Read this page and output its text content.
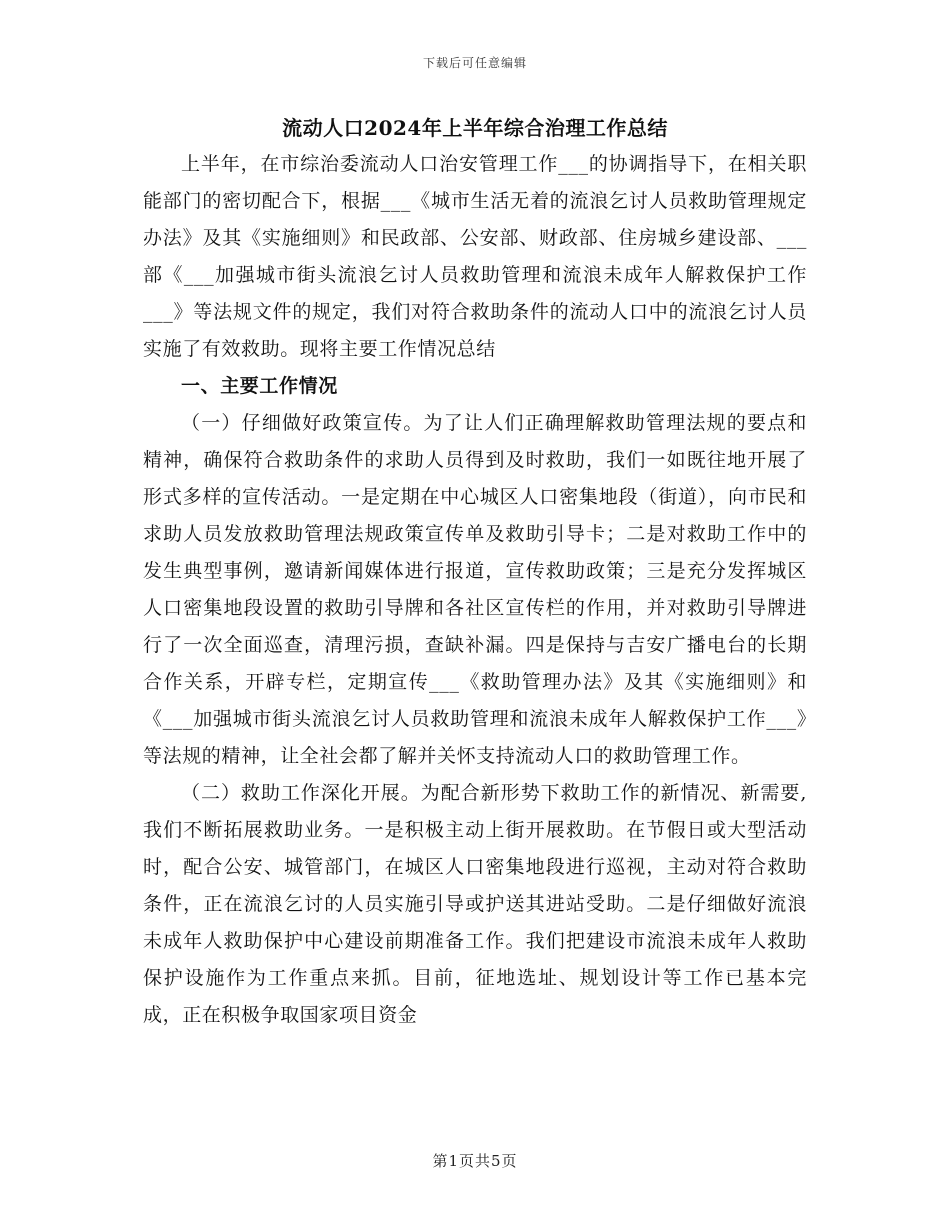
下载后可任意编辑
流动人口2024年上半年综合治理工作总结

上半年，在市综治委流动人口治安管理工作___的协调指导下，在相关职能部门的密切配合下，根据___《城市生活无着的流浪乞讨人员救助管理规定办法》及其《实施细则》和民政部、公安部、财政部、住房城乡建设部、___部《___加强城市街头流浪乞讨人员救助管理和流浪未成年人解救保护工作___》等法规文件的规定，我们对符合救助条件的流动人口中的流浪乞讨人员实施了有效救助。现将主要工作情况总结

一、主要工作情况

（一）仔细做好政策宣传。为了让人们正确理解救助管理法规的要点和精神，确保符合救助条件的求助人员得到及时救助，我们一如既往地开展了形式多样的宣传活动。一是定期在中心城区人口密集地段（街道），向市民和求助人员发放救助管理法规政策宣传单及救助引导卡；二是对救助工作中的发生典型事例，邀请新闻媒体进行报道，宣传救助政策；三是充分发挥城区人口密集地段设置的救助引导牌和各社区宣传栏的作用，并对救助引导牌进行了一次全面巡查，清理污损，查缺补漏。四是保持与吉安广播电台的长期合作关系，开辟专栏，定期宣传___《救助管理办法》及其《实施细则》和《___加强城市街头流浪乞讨人员救助管理和流浪未成年人解救保护工作___》等法规的精神，让全社会都了解并关怀支持流动人口的救助管理工作。

（二）救助工作深化开展。为配合新形势下救助工作的新情况、新需要,我们不断拓展救助业务。一是积极主动上街开展救助。在节假日或大型活动时，配合公安、城管部门，在城区人口密集地段进行巡视，主动对符合救助条件，正在流浪乞讨的人员实施引导或护送其进站受助。二是仔细做好流浪未成年人救助保护中心建设前期准备工作。我们把建设市流浪未成年人救助保护设施作为工作重点来抓。目前，征地选址、规划设计等工作已基本完成，正在积极争取国家项目资金

第1页共5页
